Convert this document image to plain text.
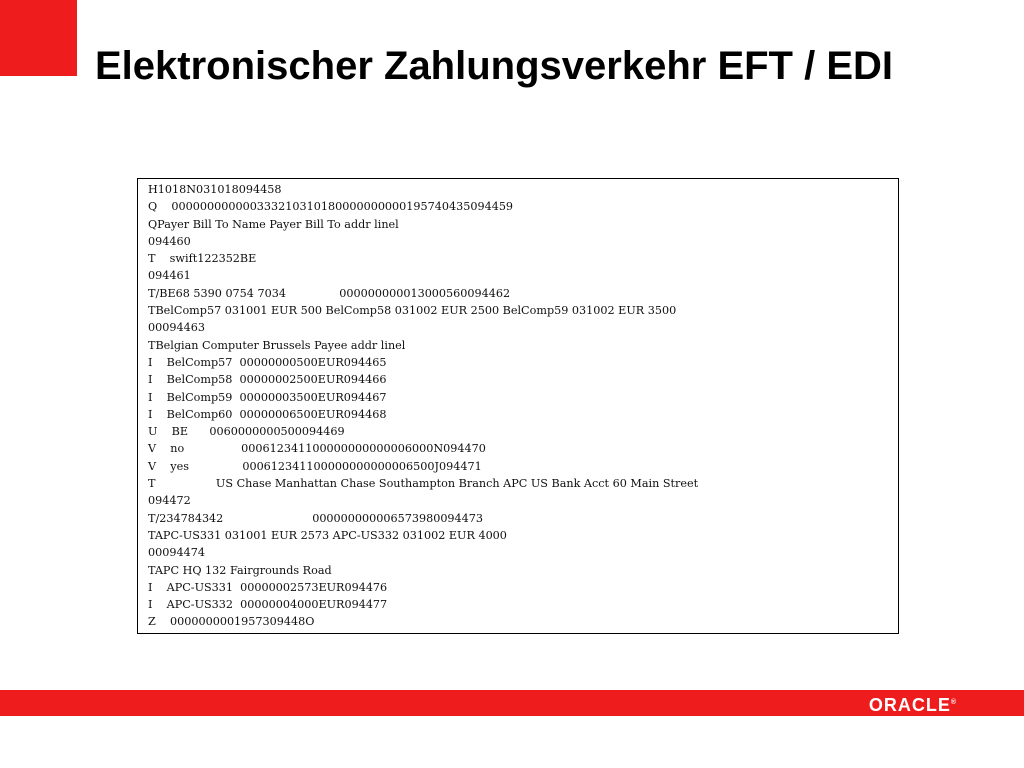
Elektronischer Zahlungsverkehr EFT / EDI
H1018N031018094458
Q    000000000000333210310180000000000195740435094459
QPayer Bill To Name Payer Bill To addr linel
094460
T    swift122352BE
094461
T/BE68 5390 0754 7034               000000000013000560094462
TBelComp57 031001 EUR 500 BelComp58 031002 EUR 2500 BelComp59 031002 EUR 3500
00094463
TBelgian Computer Brussels Payee addr linel
I    BelComp57  00000000500EUR094465
I    BelComp58  00000002500EUR094466
I    BelComp59  00000003500EUR094467
I    BelComp60  00000006500EUR094468
U    BE      0060000000500094469
V    no                000612341100000000000006000N094470
V    yes               000612341100000000000006500J094471
T                 US Chase Manhattan Chase Southampton Branch APC US Bank Acct 60 Main Street
094472
T/234784342                         000000000006573980094473
TAPC-US331 031001 EUR 2573 APC-US332 031002 EUR 4000
00094474
TAPC HQ 132 Fairgrounds Road
I    APC-US331  00000002573EUR094476
I    APC-US332  00000004000EUR094477
Z    0000000001957309448O
ORACLE®
